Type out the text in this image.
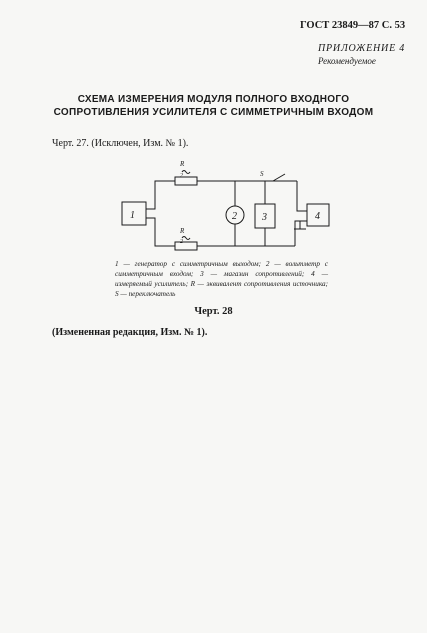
ГОСТ 23849—87 С. 53
ПРИЛОЖЕНИЕ 4
Рекомендуемое
СХЕМА ИЗМЕРЕНИЯ МОДУЛЯ ПОЛНОГО ВХОДНОГО
СОПРОТИВЛЕНИЯ УСИЛИТЕЛЯ С СИММЕТРИЧНЫМ ВХОДОМ
Черт. 27. (Исключен, Изм. № 1).
1	2	3	4
R
2
R
2
S
1 — генератор с симметричным выходом; 2 — вольтметр с симметричным входом; 3 — магазин сопротивлений; 4 — измеряемый усилитель; R — эквивалент сопротивления источника; S — переключатель
Черт. 28
(Измененная редакция, Изм. № 1).
